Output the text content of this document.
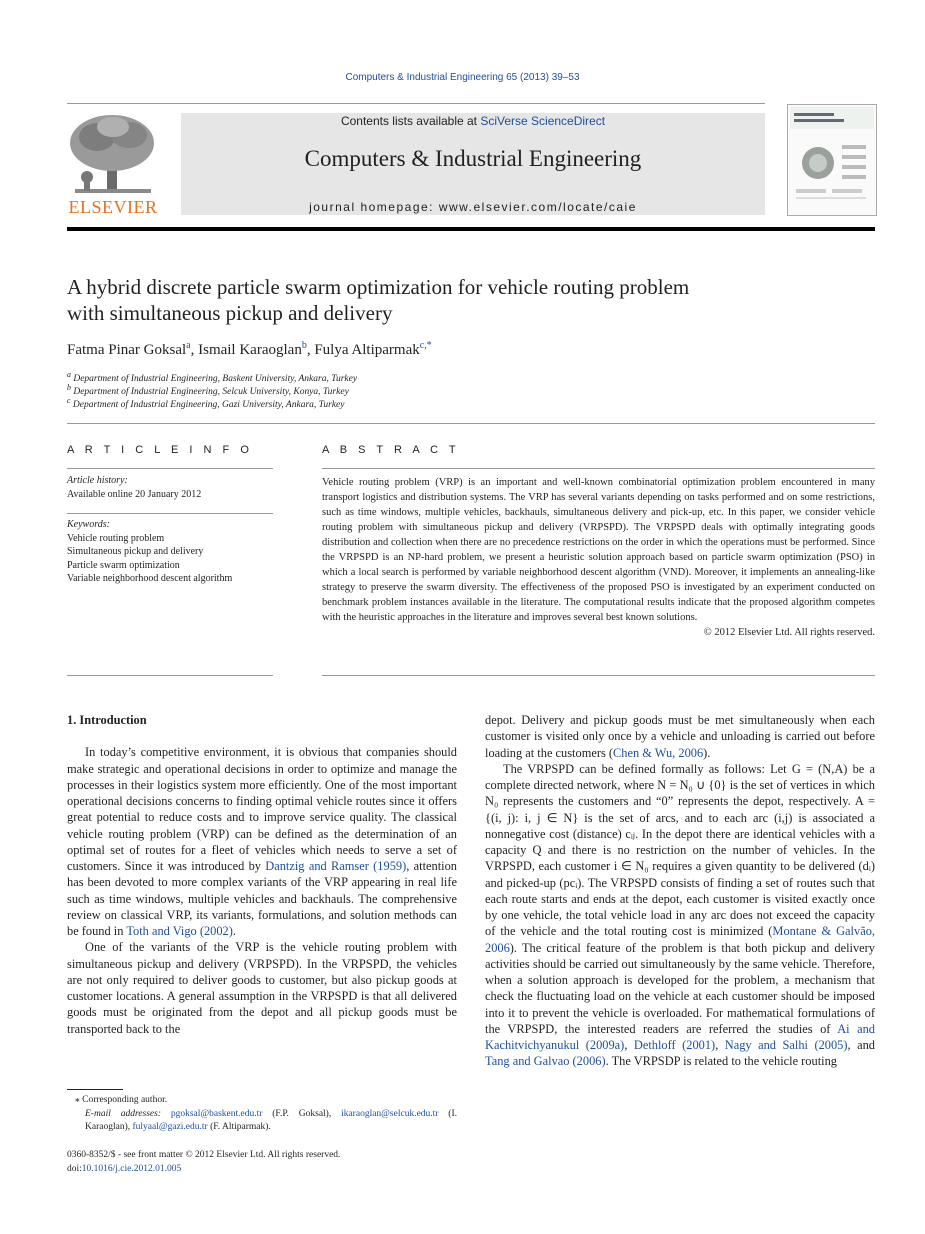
Computers & Industrial Engineering 65 (2013) 39–53
ELSEVIER
Contents lists available at SciVerse ScienceDirect
Computers & Industrial Engineering
journal homepage: www.elsevier.com/locate/caie
A hybrid discrete particle swarm optimization for vehicle routing problem
with simultaneous pickup and delivery
Fatma Pinar Goksal$^a$, Ismail Karaoglan$^b$, Fulya Altiparmak$^{c,*}$
$^a$ Department of Industrial Engineering, Baskent University, Ankara, Turkey
$^b$ Department of Industrial Engineering, Selcuk University, Konya, Turkey
$^c$ Department of Industrial Engineering, Gazi University, Ankara, Turkey
A R T I C L E I N F O
Article history:
Available online 20 January 2012
Keywords:
Vehicle routing problem
Simultaneous pickup and delivery
Particle swarm optimization
Variable neighborhood descent algorithm
A B S T R A C T
Vehicle routing problem (VRP) is an important and well-known combinatorial optimization problem encountered in many transport logistics and distribution systems. The VRP has several variants depending on tasks performed and on some restrictions, such as time windows, multiple vehicles, backhauls, simultaneous delivery and pick-up, etc. In this paper, we consider vehicle routing problem with simultaneous pickup and delivery (VRPSPD). The VRPSPD deals with optimally integrating goods distribution and collection when there are no precedence restrictions on the order in which the operations must be performed. Since the VRPSPD is an NP-hard problem, we present a heuristic solution approach based on particle swarm optimization (PSO) in which a local search is performed by variable neighborhood descent algorithm (VND). Moreover, it implements an annealing-like strategy to preserve the swarm diversity. The effectiveness of the proposed PSO is investigated by an experiment conducted on benchmark problem instances available in the literature. The computational results indicate that the proposed algorithm competes with the heuristic approaches in the literature and improves several best known solutions.
© 2012 Elsevier Ltd. All rights reserved.

1. Introduction

In today’s competitive environment, it is obvious that companies should make strategic and operational decisions in order to optimize and manage the processes in their logistics system more efficiently. One of the most important operational decisions concerns to finding optimal vehicle routes since it offers great potential to reduce costs and to improve service quality. The classical vehicle routing problem (VRP) can be defined as the determination of an optimal set of routes for a fleet of vehicles which needs to serve a set of customers. Since it was introduced by Dantzig and Ramser (1959), attention has been devoted to more complex variants of the VRP appearing in real life such as time windows, multiple vehicles and backhauls. The comprehensive review on classical VRP, its variants, formulations, and solution methods can be found in Toth and Vigo (2002).

One of the variants of the VRP is the vehicle routing problem with simultaneous pickup and delivery (VRPSPD). In the VRPSPD, the vehicles are not only required to deliver goods to customer, but also pickup goods at customer locations. A general assumption in the VRPSPD is that all delivered goods must be originated from the depot and all pickup goods must be transported back to the

depot. Delivery and pickup goods must be met simultaneously when each customer is visited only once by a vehicle and unloading is carried out before loading at the customers (Chen & Wu, 2006).

The VRPSPD can be defined formally as follows: Let G = (N,A) be a complete directed network, where N = N₀ ∪ {0} is the set of vertices in which N₀ represents the customers and “0” represents the depot, respectively. A = {(i, j): i, j ∈ N} is the set of arcs, and to each arc (i,j) is associated a nonnegative cost (distance) cᵢⱼ. In the depot there are identical vehicles with a capacity Q and there is no restriction on the number of vehicles. In the VRPSPD, each customer i ∈ N₀ requires a given quantity to be delivered (dᵢ) and picked-up (pcᵢ). The VRPSPD consists of finding a set of routes such that each route starts and ends at the depot, each customer is visited exactly once by one vehicle, the total vehicle load in any arc does not exceed the capacity of the vehicle and the total routing cost is minimized (Montane & Galvão, 2006). The critical feature of the problem is that both pickup and delivery activities should be carried out simultaneously by the same vehicle. Therefore, when a solution approach is developed for the problem, a mechanism that check the fluctuating load on the vehicle at each customer should be imposed into it to prevent the vehicle is overloaded. For mathematical formulations of the VRPSPD, the interested readers are referred the studies of Ai and Kachitvichyanukul (2009a), Dethloff (2001), Nagy and Salhi (2005), and Tang and Galvao (2006). The VRPSDP is related to the vehicle routing

⁎ Corresponding author.
E-mail addresses: pgoksal@baskent.edu.tr (F.P. Goksal), ikaraoglan@selcuk.edu.tr (I. Karaoglan), fulyaal@gazi.edu.tr (F. Altiparmak).
0360-8352/$ - see front matter © 2012 Elsevier Ltd. All rights reserved.
doi:10.1016/j.cie.2012.01.005
